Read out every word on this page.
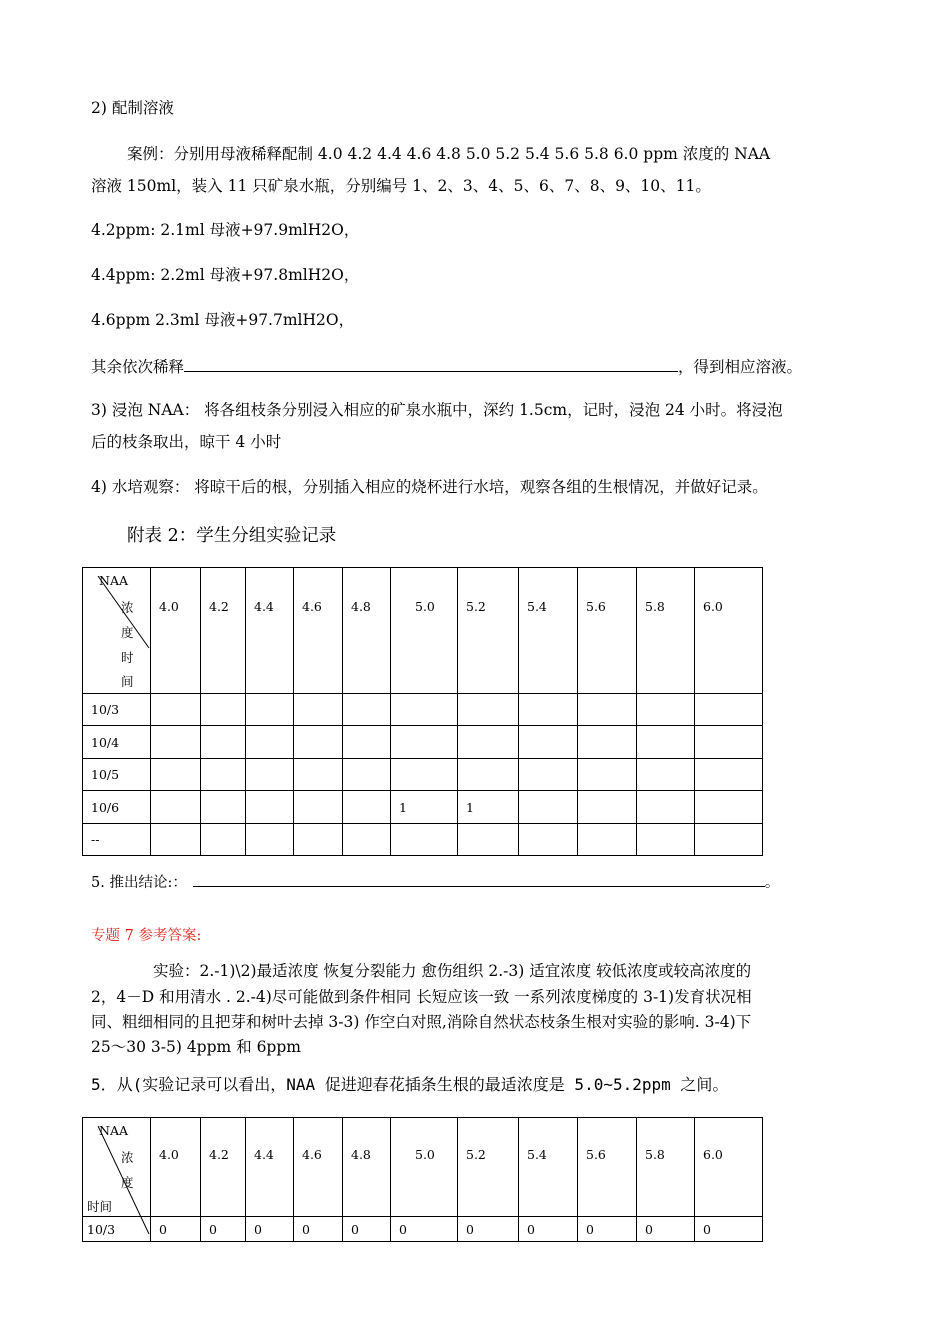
2) 配制溶液
案例：分别用母液稀释配制 4.0 4.2 4.4 4.6 4.8 5.0 5.2 5.4 5.6 5.8 6.0 ppm 浓度的 NAA
溶液 150ml，装入 11 只矿泉水瓶，分别编号 1、2、3、4、5、6、7、8、9、10、11。
4.2ppm: 2.1ml 母液+97.9mlH2O，
4.4ppm: 2.2ml 母液+97.8mlH2O，
4.6ppm 2.3ml 母液+97.7mlH2O，
其余依次稀释	，得到相应溶液。
3) 浸泡 NAA： 将各组枝条分别浸入相应的矿泉水瓶中，深约 1.5cm，记时，浸泡 24 小时。将浸泡
后的枝条取出，晾干 4 小时
4) 水培观察： 将晾干后的根，分别插入相应的烧杯进行水培，观察各组的生根情况，并做好记录。
附表 2：学生分组实验记录
NAA
浓
度
时
间	4.0	4.2	4.4	4.6	4.8	5.0	5.2	5.4	5.6	5.8	6.0
10/3											
10/4											
10/5											
10/6						1	1				
--											
5. 推出结论:：	。
专题 7 参考答案:
实验：2.-1)\2)最适浓度 恢复分裂能力 愈伤组织 2.-3) 适宜浓度 较低浓度或较高浓度的
2，4－D 和用清水 . 2.-4)尽可能做到条件相同 长短应该一致 一系列浓度梯度的 3-1)发育状况相
同、粗细相同的且把芽和树叶去掉 3-3) 作空白对照,消除自然状态枝条生根对实验的影响. 3-4)下
25～30 3-5) 4ppm 和 6ppm
5．从(实验记录可以看出，NAA 促进迎春花插条生根的最适浓度是 5.0~5.2ppm 之间。
NAA
浓
度
时间	4.0	4.2	4.4	4.6	4.8	5.0	5.2	5.4	5.6	5.8	6.0
10/3	0	0	0	0	0	0	0	0	0	0	0
